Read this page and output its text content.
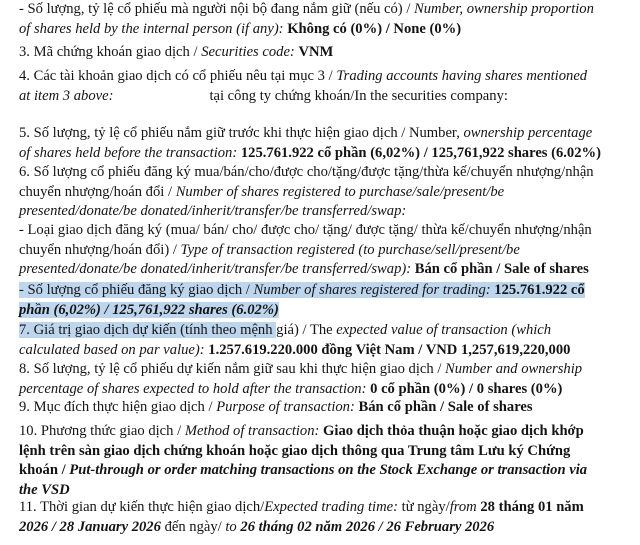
- Số lượng, tỷ lệ cổ phiếu mà người nội bộ đang nắm giữ (nếu có) / Number, ownership proportion
of shares held by the internal person (if any): Không có (0%) / None (0%)
3. Mã chứng khoán giao dịch / Securities code: VNM
4. Các tài khoản giao dịch có cổ phiếu nêu tại mục 3 / Trading accounts having shares mentioned
at item 3 above:	tại công ty chứng khoán/In the securities company:
5. Số lượng, tỷ lệ cổ phiếu nắm giữ trước khi thực hiện giao dịch / Number, ownership percentage
of shares held before the transaction: 125.761.922 cổ phần (6,02%) / 125,761,922 shares (6.02%)
6. Số lượng cổ phiếu đăng ký mua/bán/cho/được cho/tặng/được tặng/thừa kế/chuyển nhượng/nhận
chuyển nhượng/hoán đổi / Number of shares registered to purchase/sale/present/be
presented/donate/be donated/inherit/transfer/be transferred/swap:
- Loại giao dịch đăng ký (mua/ bán/ cho/ được cho/ tặng/ được tặng/ thừa kế/chuyển nhượng/nhận
chuyển nhượng/hoán đổi) / Type of transaction registered (to purchase/sell/present/be
presented/donate/be donated/inherit/transfer/be transferred/swap): Bán cổ phần / Sale of shares
- Số lượng cổ phiếu đăng ký giao dịch / Number of shares registered for trading: 125.761.922 cổ
phần (6,02%) / 125,761,922 shares (6.02%)
7. Giá trị giao dịch dự kiến (tính theo mệnh giá) / The expected value of transaction (which
calculated based on par value): 1.257.619.220.000 đồng Việt Nam / VND 1,257,619,220,000
8. Số lượng, tỷ lệ cổ phiếu dự kiến nắm giữ sau khi thực hiện giao dịch / Number and ownership
percentage of shares expected to hold after the transaction: 0 cổ phần (0%) / 0 shares (0%)
9. Mục đích thực hiện giao dịch / Purpose of transaction: Bán cổ phần / Sale of shares
10. Phương thức giao dịch / Method of transaction: Giao dịch thỏa thuận hoặc giao dịch khớp
lệnh trên sàn giao dịch chứng khoán hoặc giao dịch thông qua Trung tâm Lưu ký Chứng
khoán / Put-through or order matching transactions on the Stock Exchange or transaction via
the VSD
11. Thời gian dự kiến thực hiện giao dịch/Expected trading time: từ ngày/from 28 tháng 01 năm
2026 / 28 January 2026 đến ngày/ to 26 tháng 02 năm 2026 / 26 February 2026
